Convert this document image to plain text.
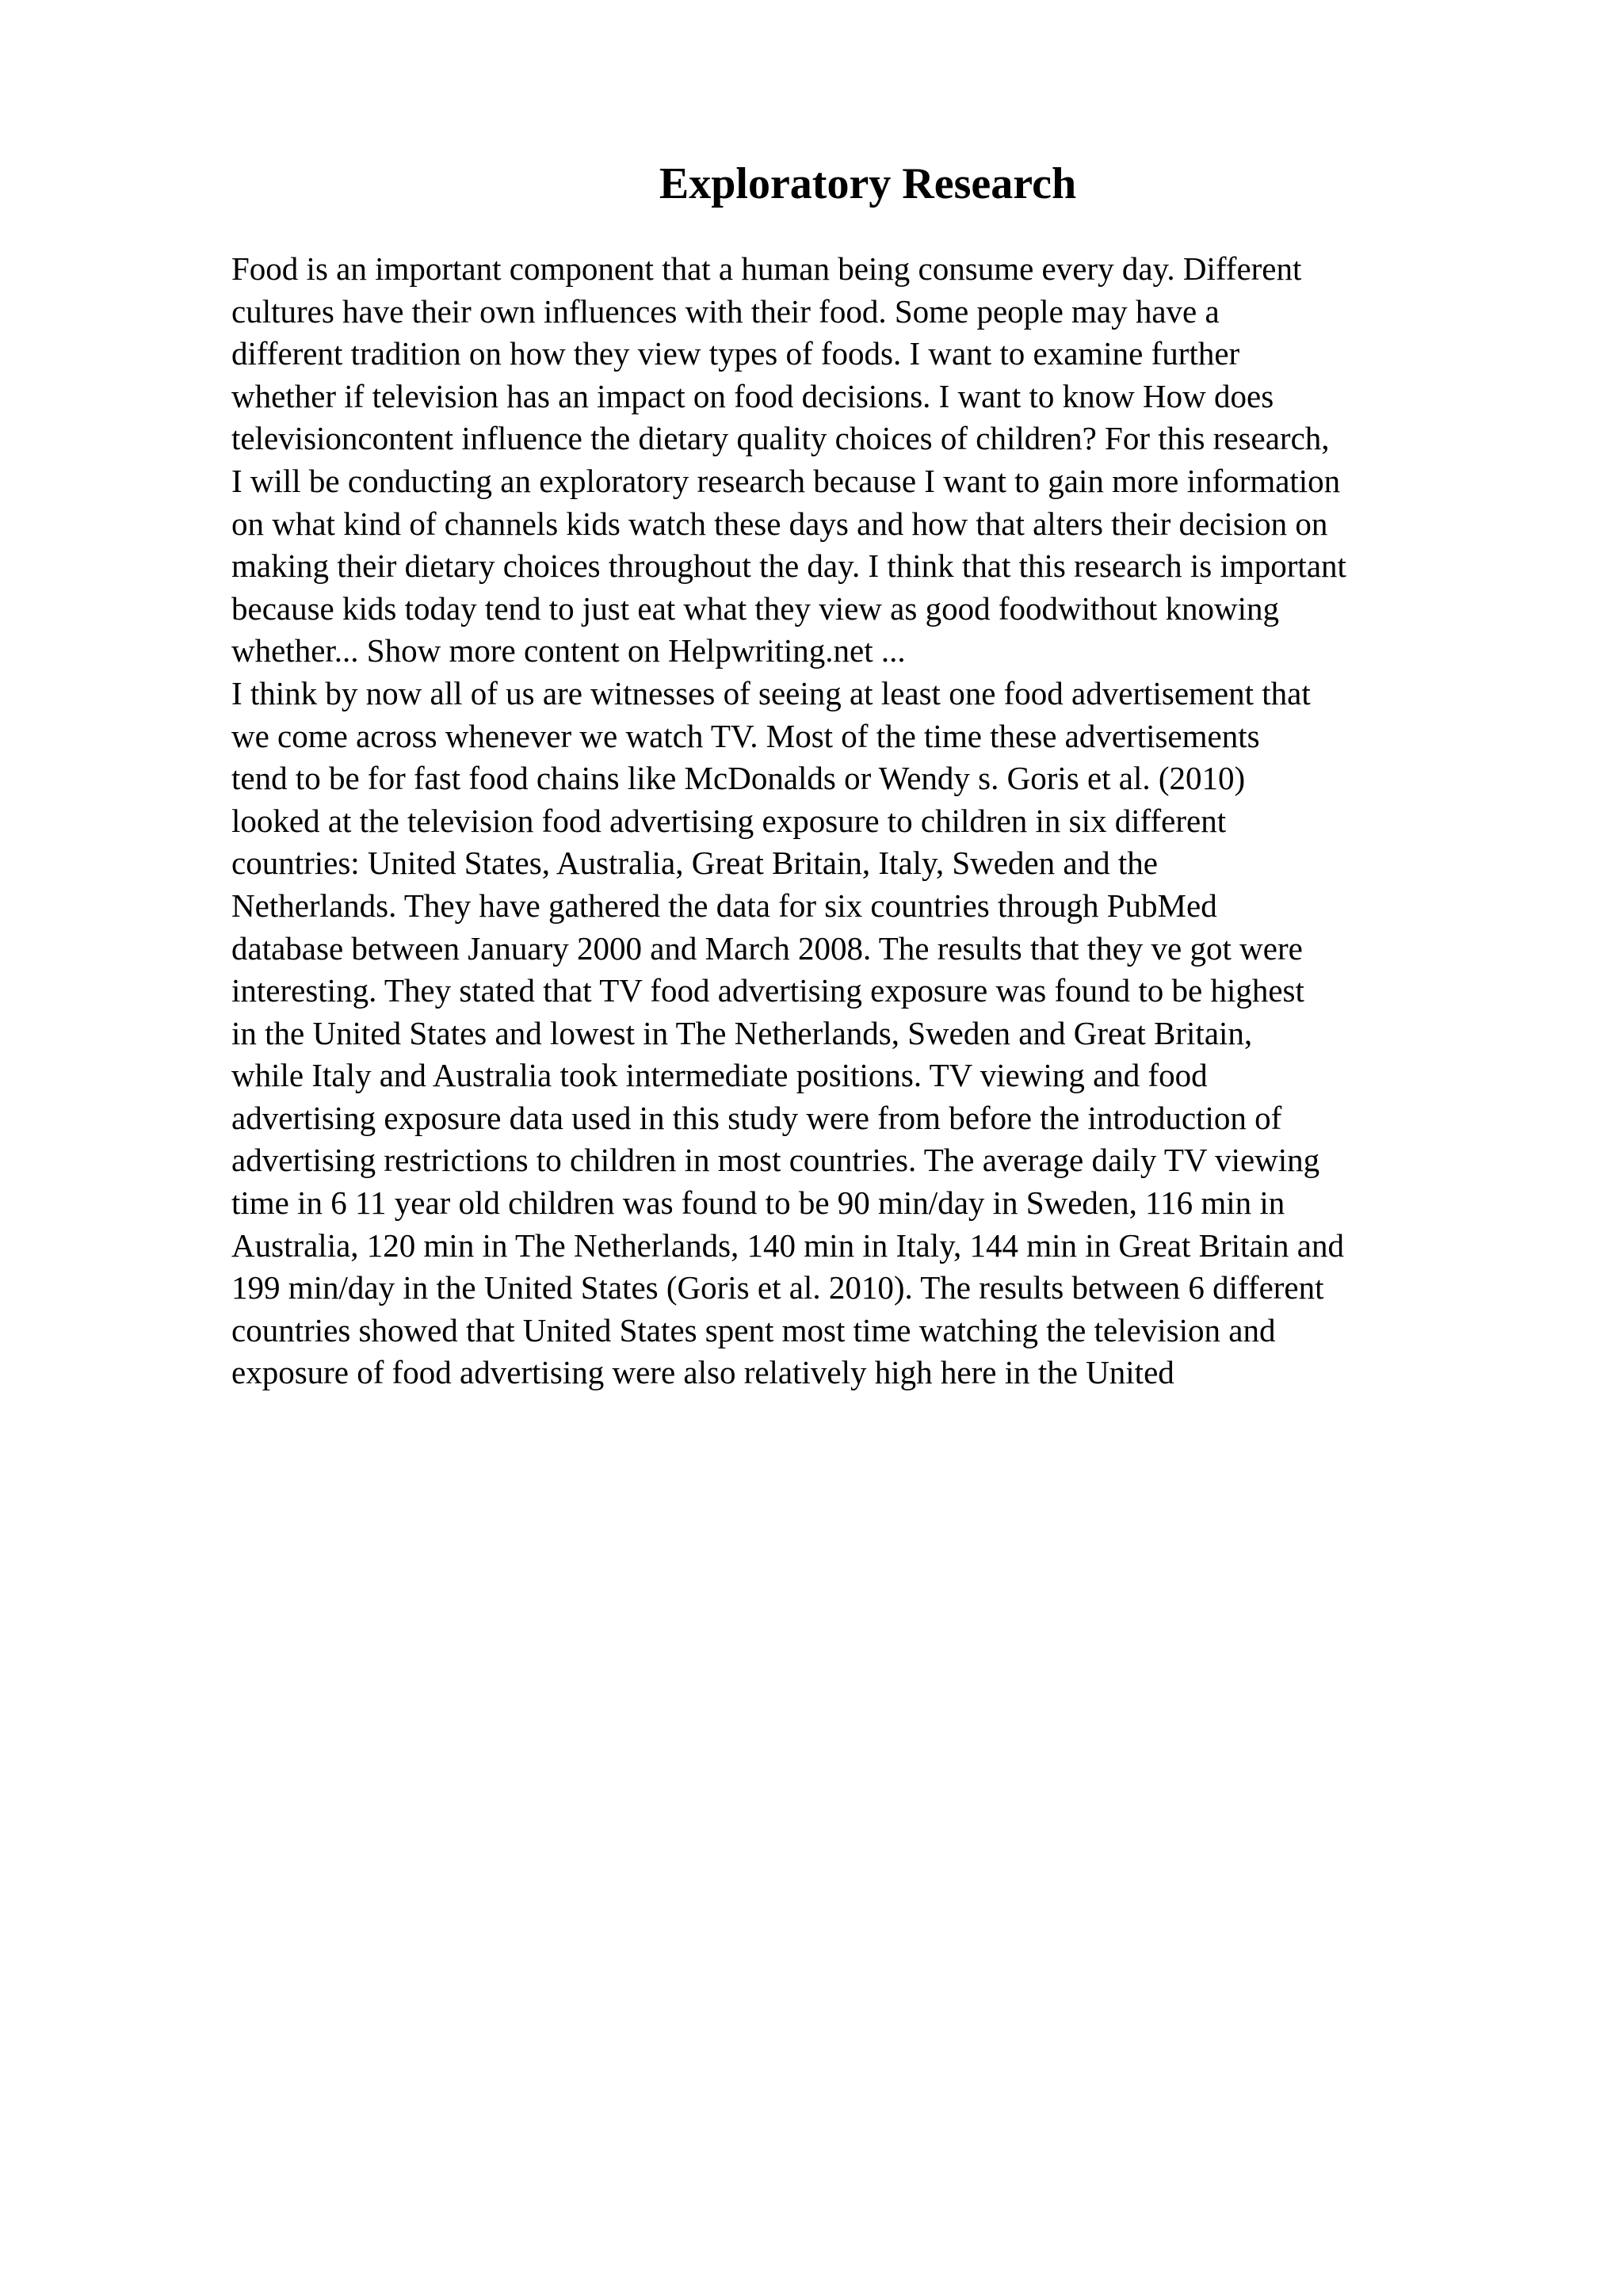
Exploratory Research
Food is an important component that a human being consume every day. Different
cultures have their own influences with their food. Some people may have a
different tradition on how they view types of foods. I want to examine further
whether if television has an impact on food decisions. I want to know How does
televisioncontent influence the dietary quality choices of children? For this research,
I will be conducting an exploratory research because I want to gain more information
on what kind of channels kids watch these days and how that alters their decision on
making their dietary choices throughout the day. I think that this research is important
because kids today tend to just eat what they view as good foodwithout knowing
whether... Show more content on Helpwriting.net ...
I think by now all of us are witnesses of seeing at least one food advertisement that
we come across whenever we watch TV. Most of the time these advertisements
tend to be for fast food chains like McDonalds or Wendy s. Goris et al. (2010)
looked at the television food advertising exposure to children in six different
countries: United States, Australia, Great Britain, Italy, Sweden and the
Netherlands. They have gathered the data for six countries through PubMed
database between January 2000 and March 2008. The results that they ve got were
interesting. They stated that TV food advertising exposure was found to be highest
in the United States and lowest in The Netherlands, Sweden and Great Britain,
while Italy and Australia took intermediate positions. TV viewing and food
advertising exposure data used in this study were from before the introduction of
advertising restrictions to children in most countries. The average daily TV viewing
time in 6 11 year old children was found to be 90 min/day in Sweden, 116 min in
Australia, 120 min in The Netherlands, 140 min in Italy, 144 min in Great Britain and
199 min/day in the United States (Goris et al. 2010). The results between 6 different
countries showed that United States spent most time watching the television and
exposure of food advertising were also relatively high here in the United
